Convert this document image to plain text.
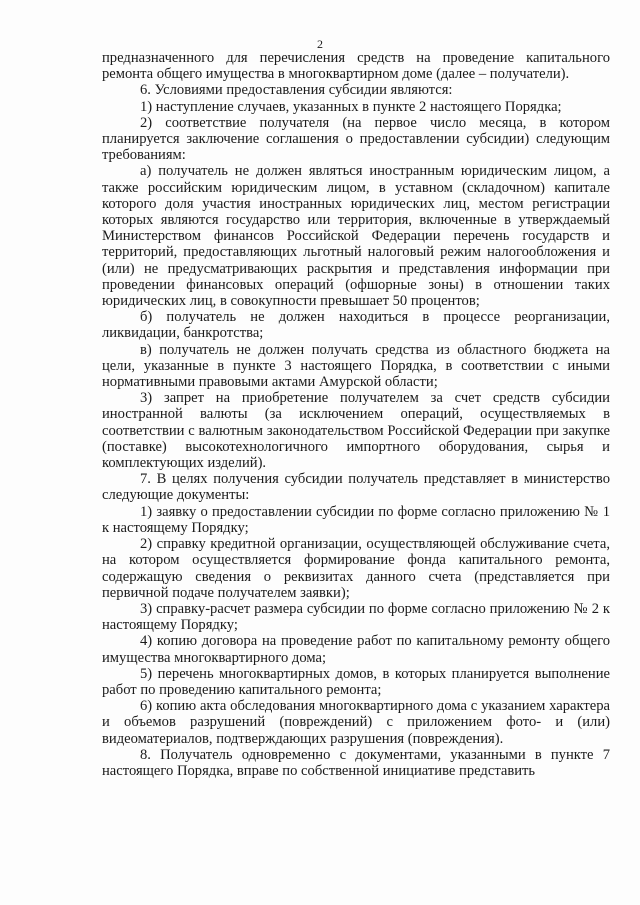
2

предназначенного для перечисления средств на проведение капитального ремонта общего имущества в многоквартирном доме (далее – получатели).

6. Условиями предоставления субсидии являются:

1) наступление случаев, указанных в пункте 2 настоящего Порядка;

2) соответствие получателя (на первое число месяца, в котором планируется заключение соглашения о предоставлении субсидии) следующим требованиям:

а) получатель не должен являться иностранным юридическим лицом, а также российским юридическим лицом, в уставном (складочном) капитале которого доля участия иностранных юридических лиц, местом регистрации которых являются государство или территория, включенные в утверждаемый Министерством финансов Российской Федерации перечень государств и территорий, предоставляющих льготный налоговый режим налогообложения и (или) не предусматривающих раскрытия и представления информации при проведении финансовых операций (офшорные зоны) в отношении таких юридических лиц, в совокупности превышает 50 процентов;

б) получатель не должен находиться в процессе реорганизации, ликвидации, банкротства;

в) получатель не должен получать средства из областного бюджета на цели, указанные в пункте 3 настоящего Порядка, в соответствии с иными нормативными правовыми актами Амурской области;

3) запрет на приобретение получателем за счет средств субсидии иностранной валюты (за исключением операций, осуществляемых в соответствии с валютным законодательством Российской Федерации при закупке (поставке) высокотехнологичного импортного оборудования, сырья и комплектующих изделий).

7. В целях получения субсидии получатель представляет в министерство следующие документы:

1) заявку о предоставлении субсидии по форме согласно приложению № 1 к настоящему Порядку;

2) справку кредитной организации, осуществляющей обслуживание счета, на котором осуществляется формирование фонда капитального ремонта, содержащую сведения о реквизитах данного счета (представляется при первичной подаче получателем заявки);

3) справку-расчет размера субсидии по форме согласно приложению № 2 к настоящему Порядку;

4) копию договора на проведение работ по капитальному ремонту общего имущества многоквартирного дома;

5) перечень многоквартирных домов, в которых планируется выполнение работ по проведению капитального ремонта;

6) копию акта обследования многоквартирного дома с указанием характера и объемов разрушений (повреждений) с приложением фото- и (или) видеоматериалов, подтверждающих разрушения (повреждения).

8. Получатель одновременно с документами, указанными в пункте 7 настоящего Порядка, вправе по собственной инициативе представить
